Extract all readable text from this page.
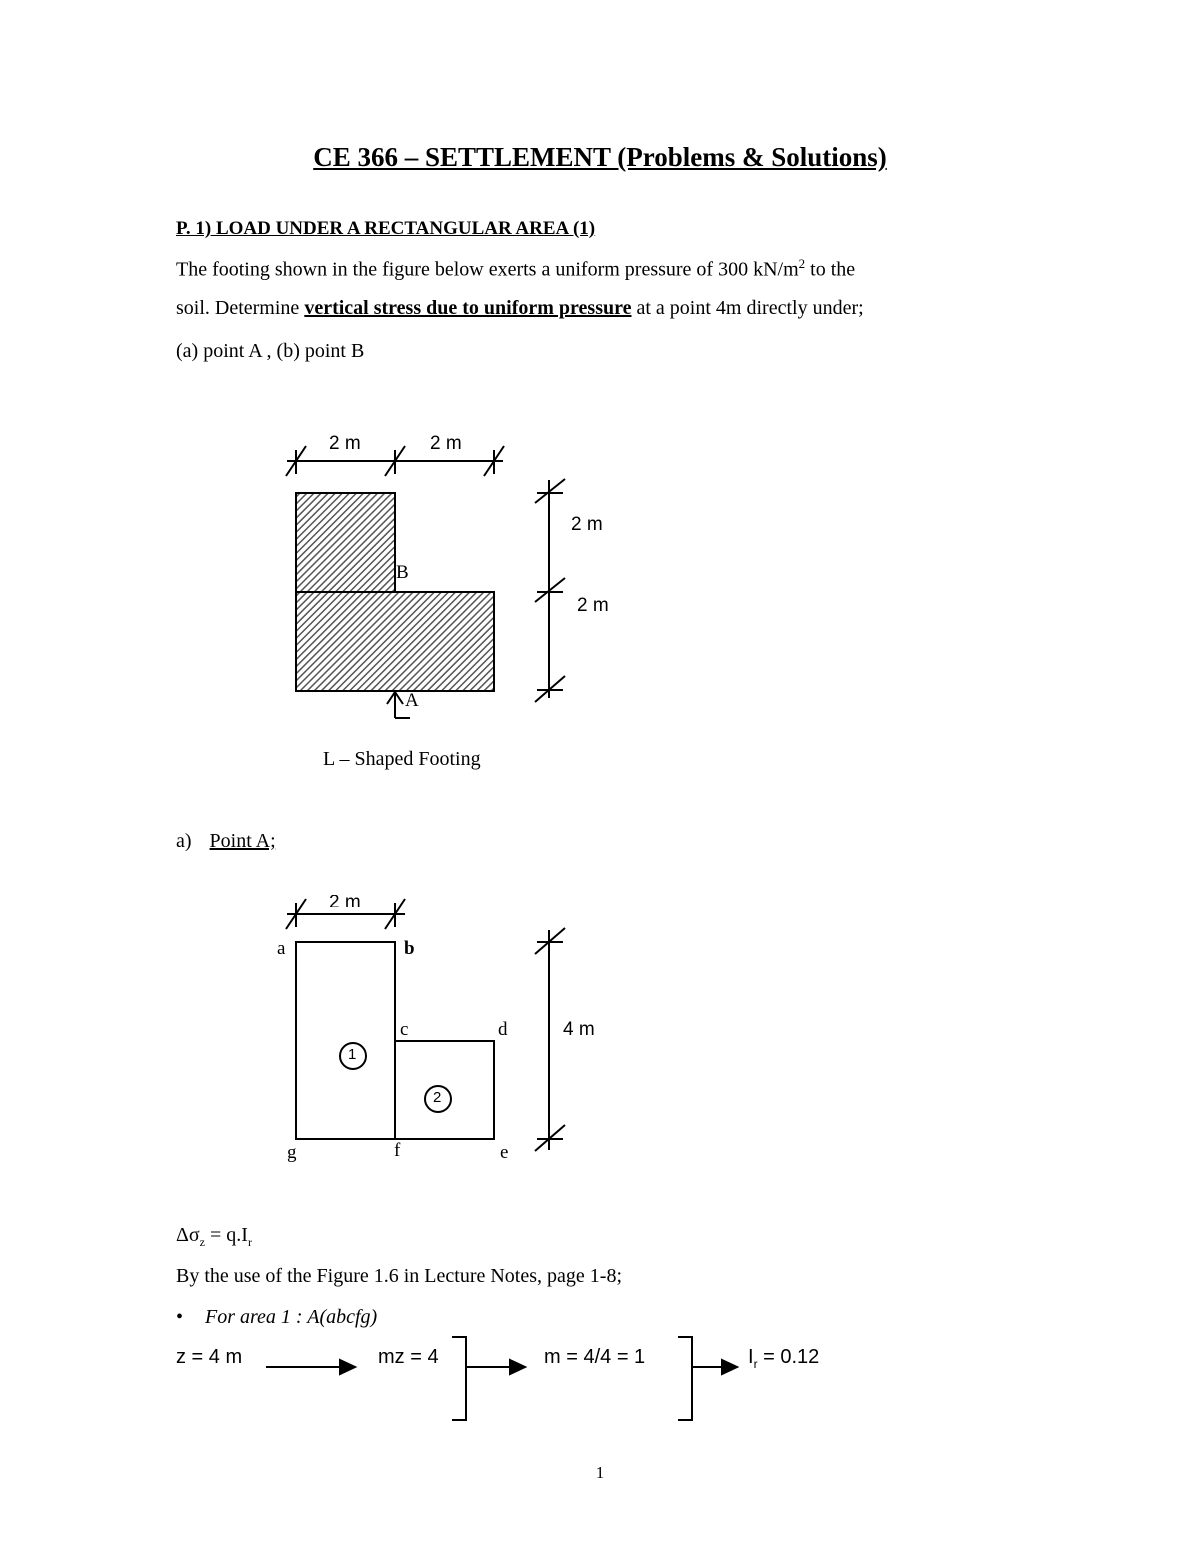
CE 366 – SETTLEMENT (Problems & Solutions)
P. 1) LOAD UNDER A RECTANGULAR AREA (1)
The footing shown in the figure below exerts a uniform pressure of 300 $kN/m^2$ to the
soil. Determine vertical stress due to uniform pressure at a point 4m directly under;
(a) point A , (b) point B
2 m	2 m
2 m
2 m
B
A
L – Shaped Footing
a) Point A;
2 m
4 m
a	b
c	d
e
f
g
1
2
$\Delta\sigma_z = q.I_r$
By the use of the Figure 1.6 in Lecture Notes, page 1-8;
• For area 1 : A(abcfg)
z = 4 m	mz = 4	m = 4/4 = 1	$I_r = 0.12$
1
